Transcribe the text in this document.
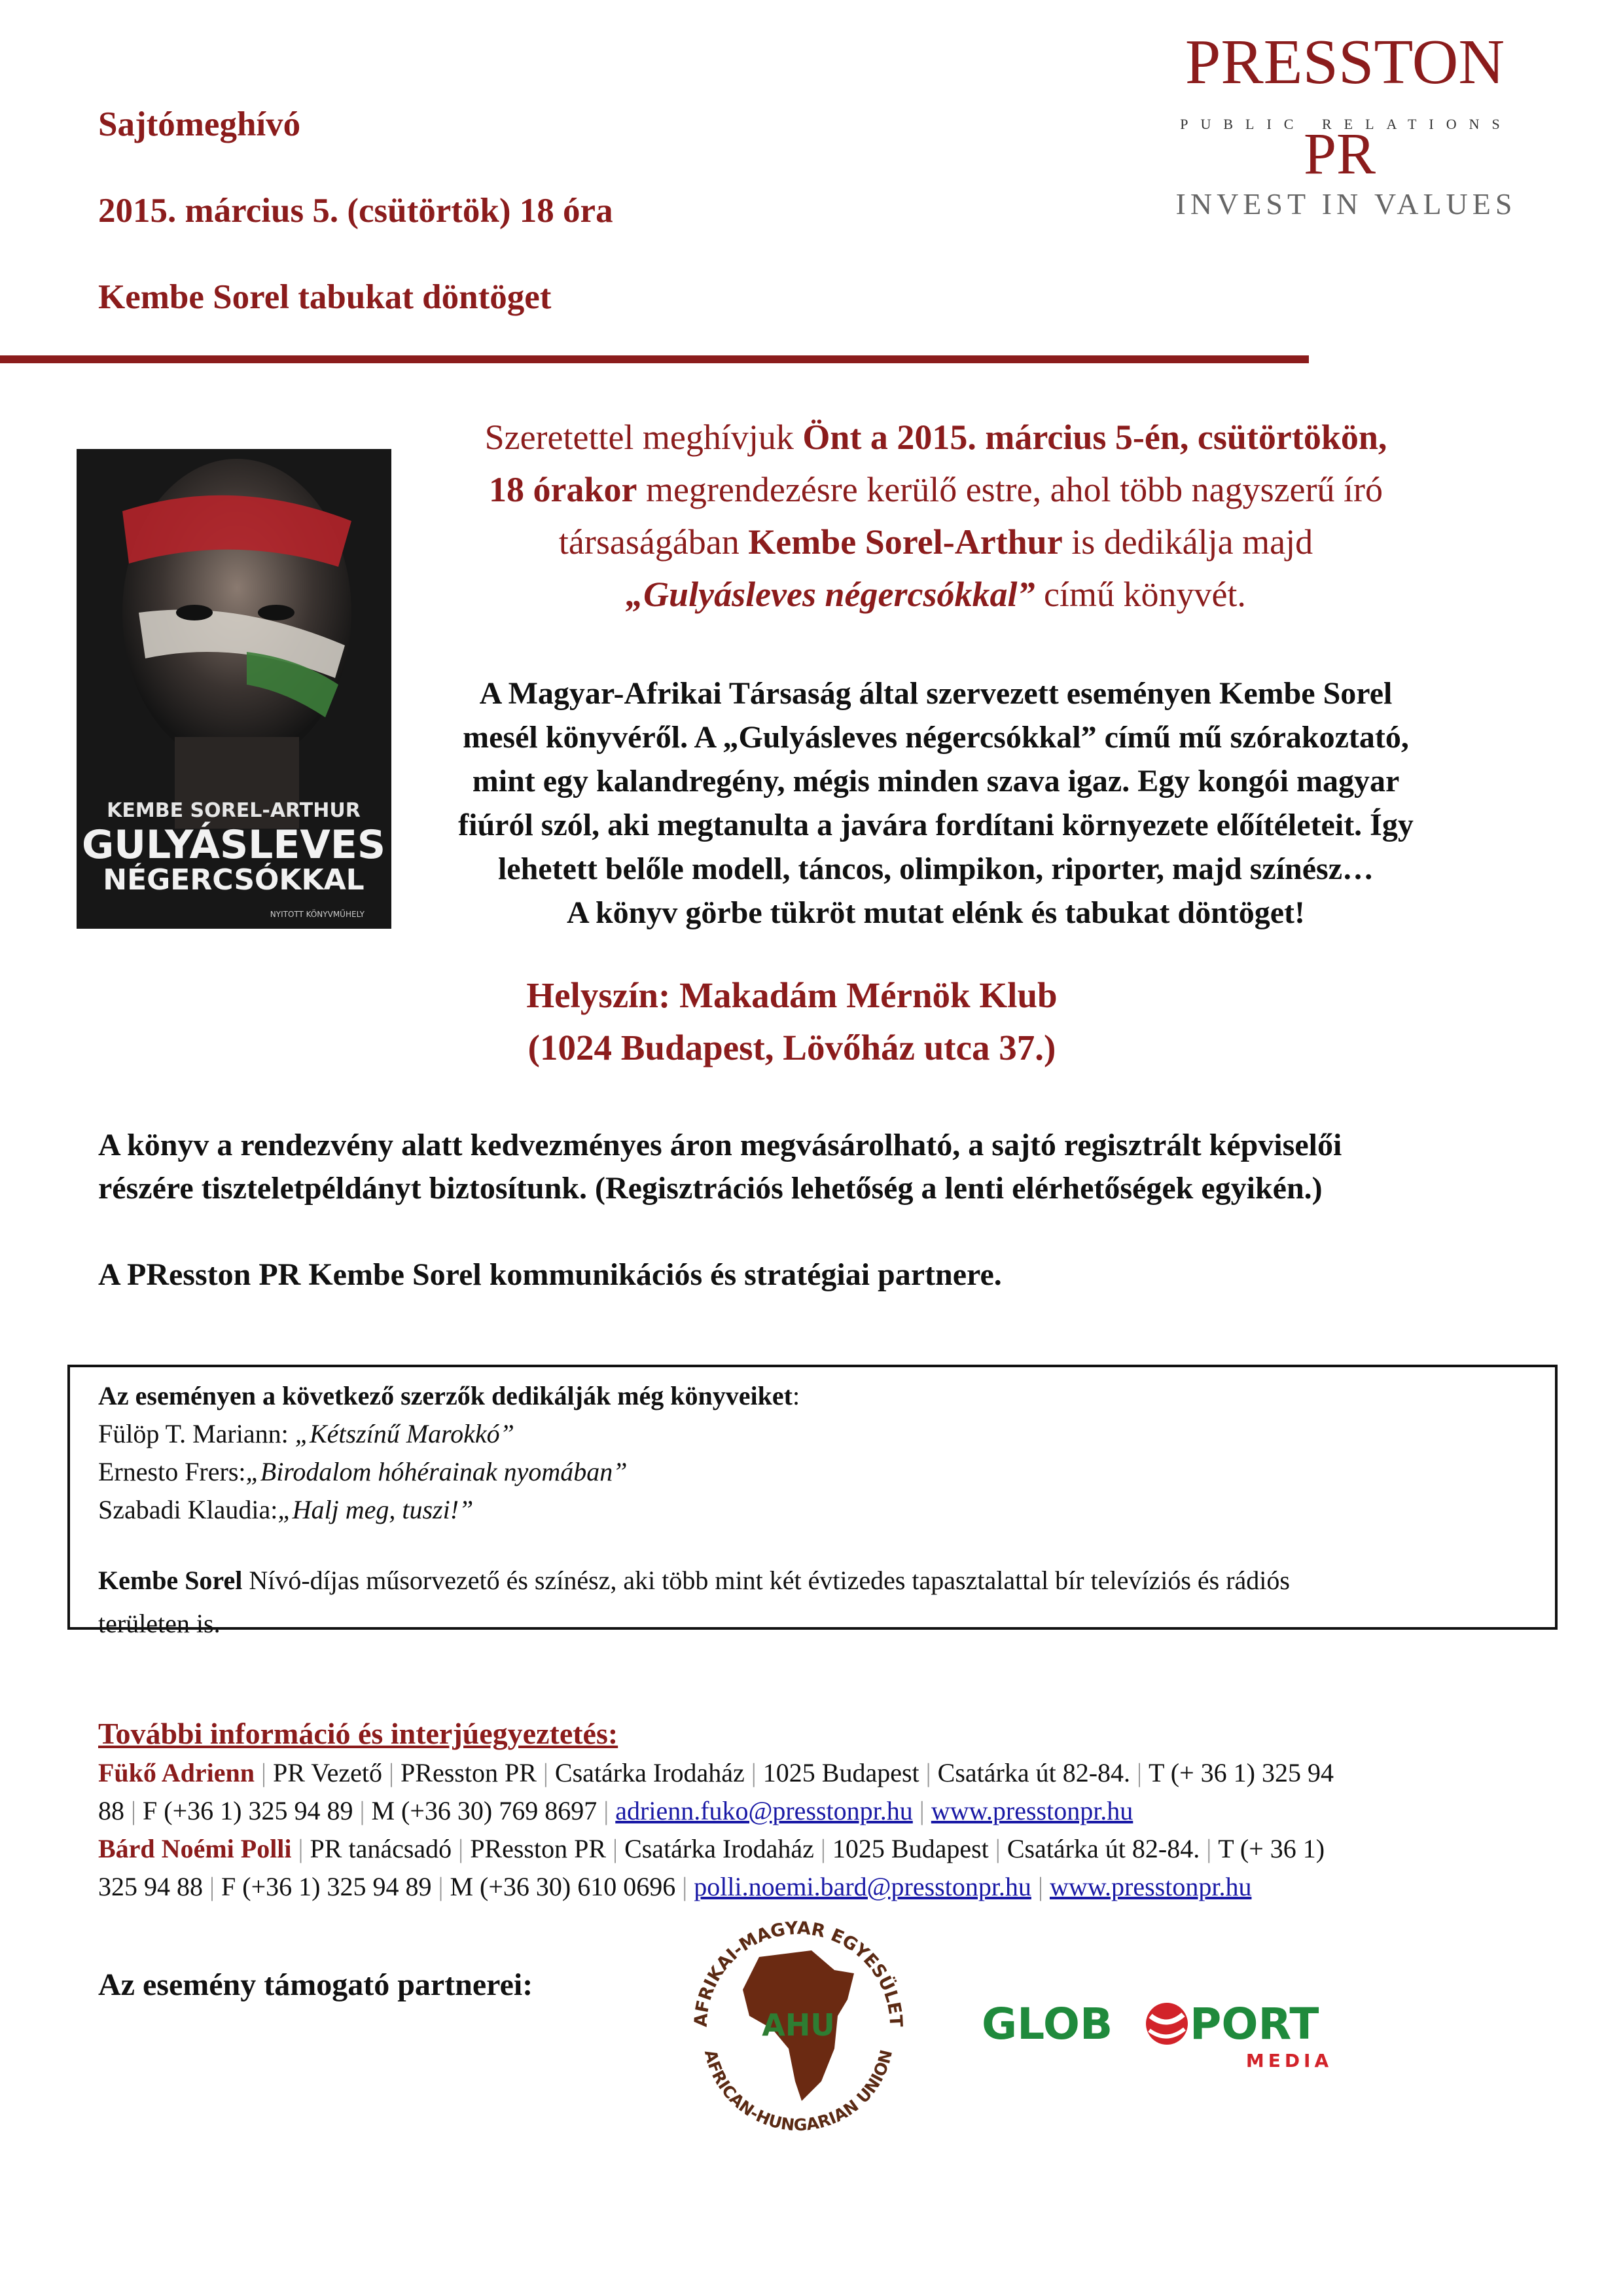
Sajtómeghívó
2015. március 5. (csütörtök) 18 óra
Kembe Sorel tabukat döntöget
PRESSTON
PUBLIC RELATIONS
PR
INVEST IN VALUES
KEMBE SOREL-ARTHUR
GULYÁSLEVES
NÉGERCSÓKKAL
NYITOTT KÖNYVMŰHELY
Szeretettel meghívjuk Önt a 2015. március 5-én, csütörtökön,
18 órakor megrendezésre kerülő estre, ahol több nagyszerű író
társaságában Kembe Sorel-Arthur is dedikálja majd
„Gulyásleves négercsókkal” című könyvét.
A Magyar-Afrikai Társaság által szervezett eseményen Kembe Sorel
mesél könyvéről. A „Gulyásleves négercsókkal” című mű szórakoztató,
mint egy kalandregény, mégis minden szava igaz. Egy kongói magyar
fiúról szól, aki megtanulta a javára fordítani környezete előítéleteit. Így
lehetett belőle modell, táncos, olimpikon, riporter, majd színész…
A könyv görbe tükröt mutat elénk és tabukat döntöget!
Helyszín: Makadám Mérnök Klub
(1024 Budapest, Lövőház utca 37.)
A könyv a rendezvény alatt kedvezményes áron megvásárolható, a sajtó regisztrált képviselői
részére tiszteletpéldányt biztosítunk. (Regisztrációs lehetőség a lenti elérhetőségek egyikén.)
A PResston PR Kembe Sorel kommunikációs és stratégiai partnere.
Az eseményen a következő szerzők dedikálják még könyveiket:
Fülöp T. Mariann: „Kétszínű Marokkó”
Ernesto Frers:„Birodalom hóhérainak nyomában”
Szabadi Klaudia:„Halj meg, tuszi!”
Kembe Sorel Nívó-díjas műsorvezető és színész, aki több mint két évtizedes tapasztalattal bír televíziós és rádiós
területen is.
További információ és interjúegyeztetés:
Fükő Adrienn | PR Vezető | PResston PR | Csatárka Irodaház | 1025 Budapest | Csatárka út 82-84. | T (+ 36 1) 325 94
88 | F (+36 1) 325 94 89 | M (+36 30) 769 8697 | adrienn.fuko@presstonpr.hu | www.presstonpr.hu
Bárd Noémi Polli | PR tanácsadó | PResston PR | Csatárka Irodaház | 1025 Budapest | Csatárka út 82-84. | T (+ 36 1)
325 94 88 | F (+36 1) 325 94 89 | M (+36 30) 610 0696 | polli.noemi.bard@presstonpr.hu | www.presstonpr.hu
Az esemény támogató partnerei:
AFRIKAI-MAGYAR EGYESÜLET
AFRICAN-HUNGARIAN UNION
AHU	GLOB PORT
MEDIA
